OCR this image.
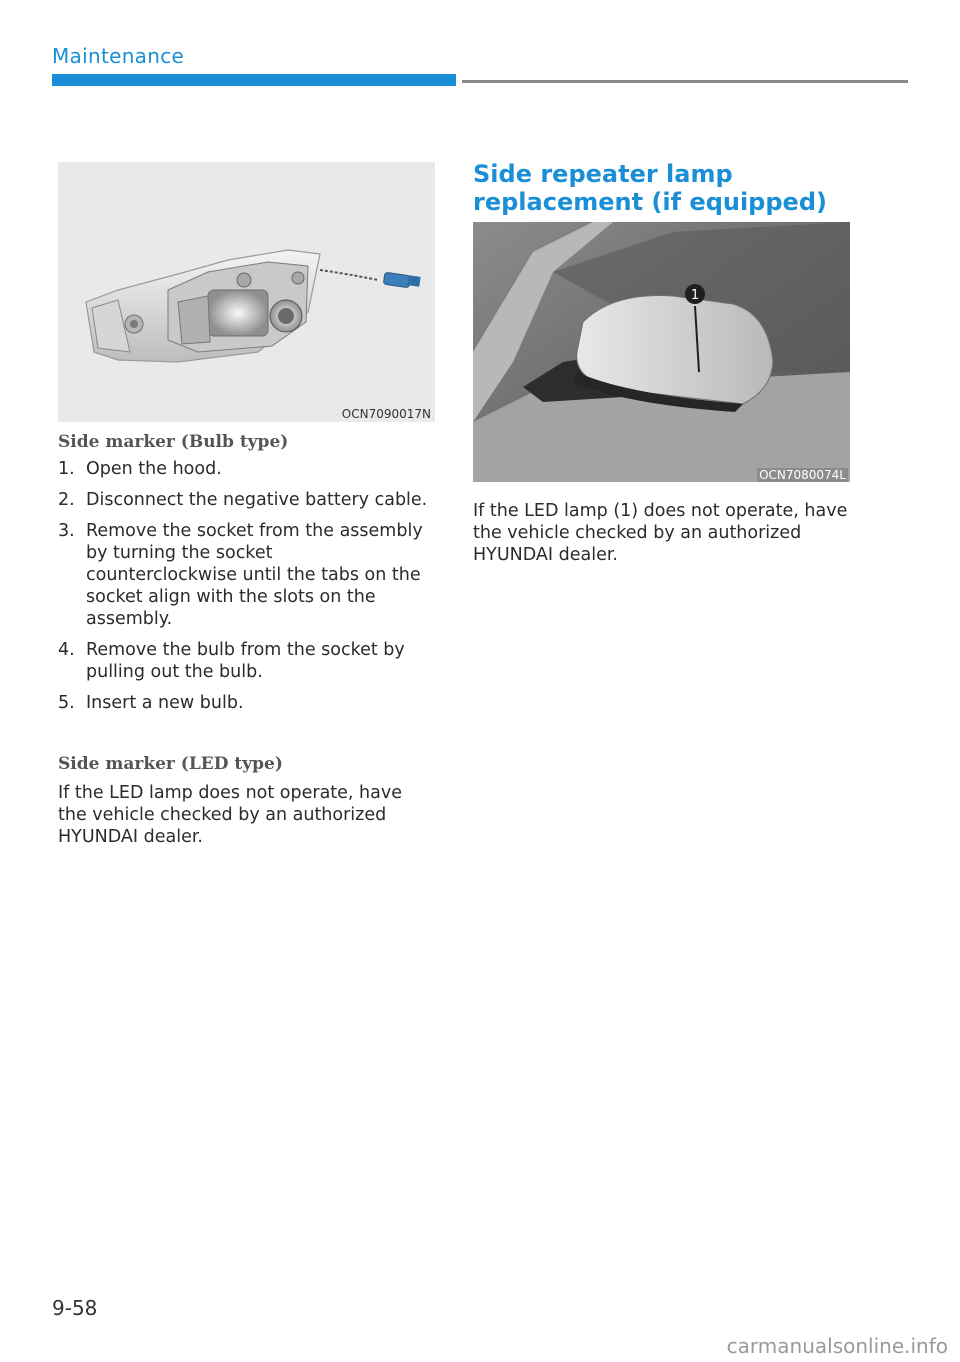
Maintenance
OCN7090017N
Side marker (Bulb type)
1. Open the hood.
2. Disconnect the negative battery cable.
3. Remove the socket from the assembly by turning the socket counterclockwise until the tabs on the socket align with the slots on the assembly.
4. Remove the bulb from the socket by pulling out the bulb.
5. Insert a new bulb.
Side marker (LED type)
If the LED lamp does not operate, have the vehicle checked by an authorized HYUNDAI dealer.
Side repeater lamp replacement (if equipped)
1
OCN7080074L
If the LED lamp (1) does not operate, have the vehicle checked by an authorized HYUNDAI dealer.
9-58
carmanualsonline.info
